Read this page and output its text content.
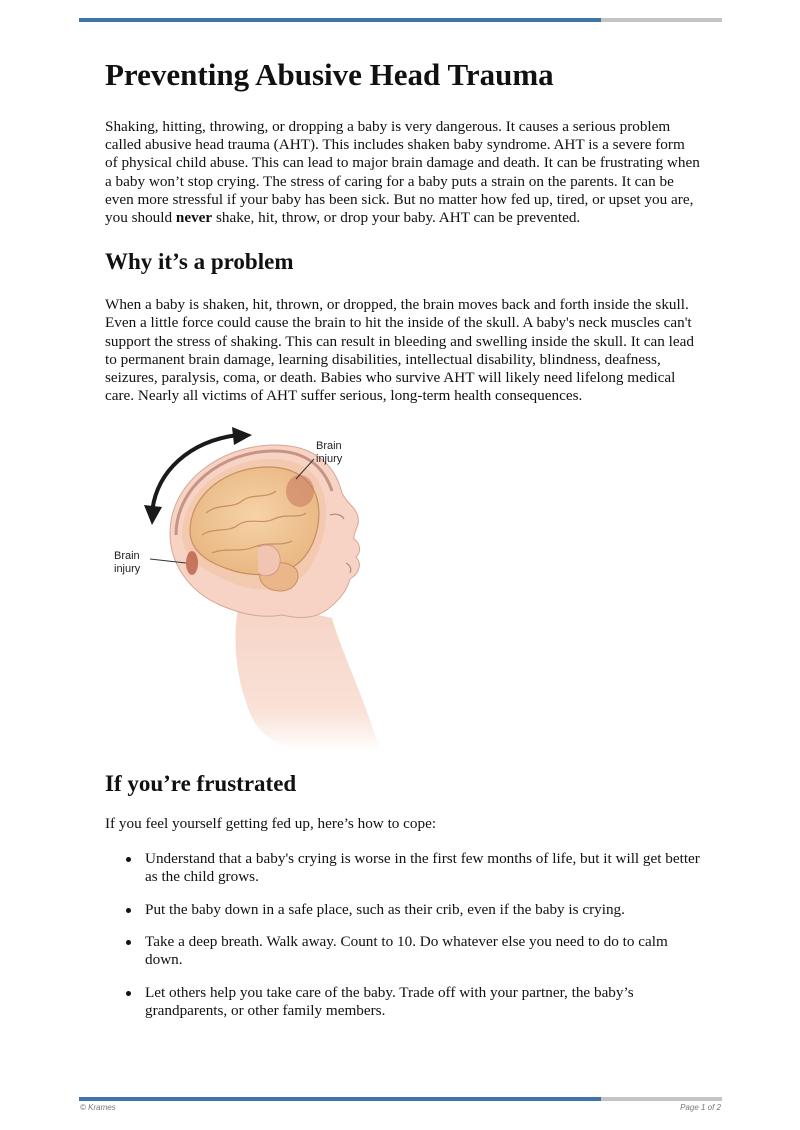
Preventing Abusive Head Trauma

Shaking, hitting, throwing, or dropping a baby is very dangerous. It causes a serious problem called abusive head trauma (AHT). This includes shaken baby syndrome. AHT is a severe form of physical child abuse. This can lead to major brain damage and death. It can be frustrating when a baby won’t stop crying. The stress of caring for a baby puts a strain on the parents. It can be even more stressful if your baby has been sick. But no matter how fed up, tired, or upset you are, you should never shake, hit, throw, or drop your baby. AHT can be prevented.

Why it’s a problem

When a baby is shaken, hit, thrown, or dropped, the brain moves back and forth inside the skull. Even a little force could cause the brain to hit the inside of the skull. A baby's neck muscles can't support the stress of shaking. This can result in bleeding and swelling inside the skull. It can lead to permanent brain damage, learning disabilities, intellectual disability, blindness, deafness, seizures, paralysis, coma, or death. Babies who survive AHT will likely need lifelong medical care. Nearly all victims of AHT suffer serious, long-term health consequences.

Brain
injury
Brain
injury
If you’re frustrated

If you feel yourself getting fed up, here’s how to cope:

Understand that a baby's crying is worse in the first few months of life, but it will get better as the child grows.
Put the baby down in a safe place, such as their crib, even if the baby is crying.
Take a deep breath. Walk away. Count to 10. Do whatever else you need to do to calm down.
Let others help you take care of the baby. Trade off with your partner, the baby’s grandparents, or other family members.
© Krames	Page 1 of 2
